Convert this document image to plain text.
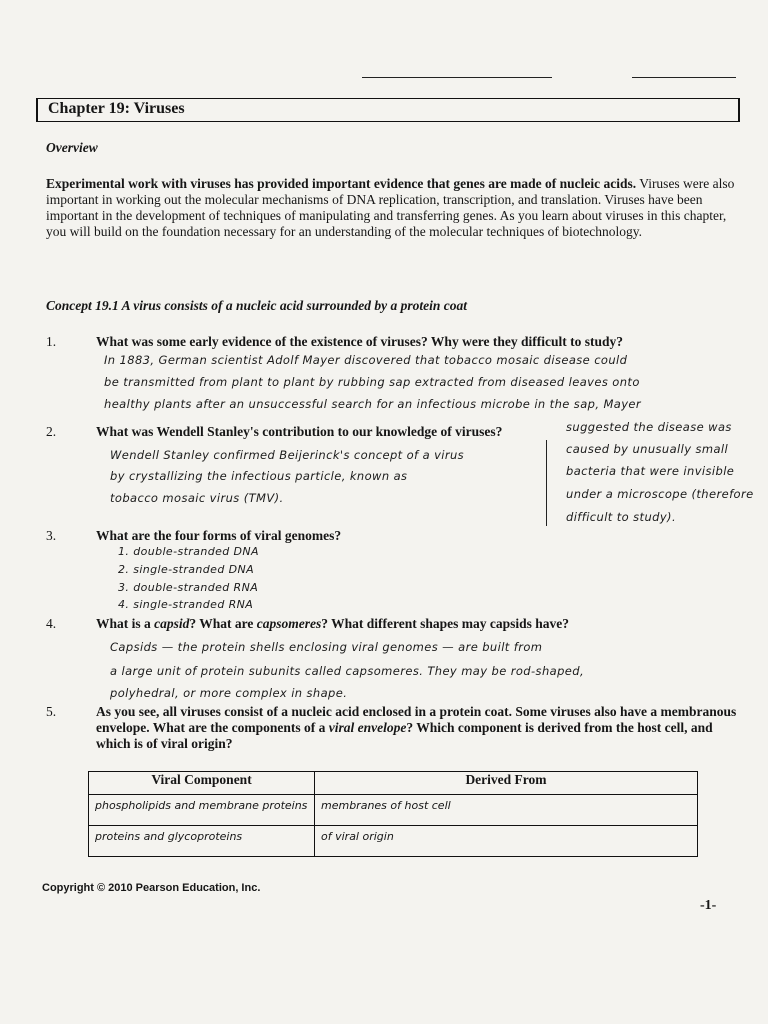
Chapter 19: Viruses
Overview
Experimental work with viruses has provided important evidence that genes are made of nucleic acids. Viruses were also important in working out the molecular mechanisms of DNA replication, transcription, and translation. Viruses have been important in the development of techniques of manipulating and transferring genes. As you learn about viruses in this chapter, you will build on the foundation necessary for an understanding of the molecular techniques of biotechnology.
Concept 19.1 A virus consists of a nucleic acid surrounded by a protein coat
1.	What was some early evidence of the existence of viruses? Why were they difficult to study?
In 1883, German scientist Adolf Mayer discovered that tobacco mosaic disease could
be transmitted from plant to plant by rubbing sap extracted from diseased leaves onto
healthy plants after an unsuccessful search for an infectious microbe in the sap, Mayer
2.	What was Wendell Stanley's contribution to our knowledge of viruses?
Wendell Stanley confirmed Beijerinck's concept of a virus
by crystallizing the infectious particle, known as
tobacco mosaic virus (TMV).
suggested the disease was
caused by unusually small
bacteria that were invisible
under a microscope (therefore
difficult to study).
3.	What are the four forms of viral genomes?
1. double-stranded DNA
2. single-stranded DNA
3. double-stranded RNA
4. single-stranded RNA
4.	What is a capsid? What are capsomeres? What different shapes may capsids have?
Capsids — the protein shells enclosing viral genomes — are built from
a large unit of protein subunits called capsomeres. They may be rod-shaped,
polyhedral, or more complex in shape.
5.	As you see, all viruses consist of a nucleic acid enclosed in a protein coat. Some viruses also have a membranous envelope. What are the components of a viral envelope? Which component is derived from the host cell, and which is of viral origin?
Viral Component	Derived From

phospholipids and membrane proteins	membranes of host cell

proteins and glycoproteins	of viral origin
Copyright © 2010 Pearson Education, Inc.
-1-
